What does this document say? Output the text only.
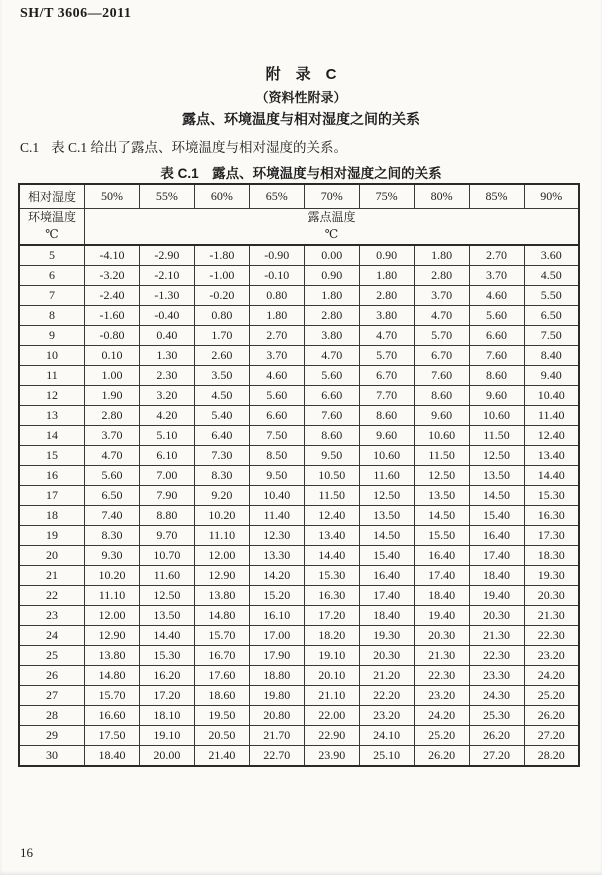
SH/T 3606—2011
附　录　C
（资料性附录）
露点、环境温度与相对湿度之间的关系

C.1 表 C.1 给出了露点、环境温度与相对湿度的关系。

表 C.1　露点、环境温度与相对湿度之间的关系
相对湿度	50%	55%	60%	65%	70%	75%	80%	85%	90%

环境温度
℃

露点温度
℃

5	-4.10	-2.90	-1.80	-0.90	0.00	0.90	1.80	2.70	3.60
6	-3.20	-2.10	-1.00	-0.10	0.90	1.80	2.80	3.70	4.50
7	-2.40	-1.30	-0.20	0.80	1.80	2.80	3.70	4.60	5.50
8	-1.60	-0.40	0.80	1.80	2.80	3.80	4.70	5.60	6.50
9	-0.80	0.40	1.70	2.70	3.80	4.70	5.70	6.60	7.50
10	0.10	1.30	2.60	3.70	4.70	5.70	6.70	7.60	8.40
11	1.00	2.30	3.50	4.60	5.60	6.70	7.60	8.60	9.40
12	1.90	3.20	4.50	5.60	6.60	7.70	8.60	9.60	10.40
13	2.80	4.20	5.40	6.60	7.60	8.60	9.60	10.60	11.40
14	3.70	5.10	6.40	7.50	8.60	9.60	10.60	11.50	12.40
15	4.70	6.10	7.30	8.50	9.50	10.60	11.50	12.50	13.40
16	5.60	7.00	8.30	9.50	10.50	11.60	12.50	13.50	14.40
17	6.50	7.90	9.20	10.40	11.50	12.50	13.50	14.50	15.30
18	7.40	8.80	10.20	11.40	12.40	13.50	14.50	15.40	16.30
19	8.30	9.70	11.10	12.30	13.40	14.50	15.50	16.40	17.30
20	9.30	10.70	12.00	13.30	14.40	15.40	16.40	17.40	18.30
21	10.20	11.60	12.90	14.20	15.30	16.40	17.40	18.40	19.30
22	11.10	12.50	13.80	15.20	16.30	17.40	18.40	19.40	20.30
23	12.00	13.50	14.80	16.10	17.20	18.40	19.40	20.30	21.30
24	12.90	14.40	15.70	17.00	18.20	19.30	20.30	21.30	22.30
25	13.80	15.30	16.70	17.90	19.10	20.30	21.30	22.30	23.20
26	14.80	16.20	17.60	18.80	20.10	21.20	22.30	23.30	24.20
27	15.70	17.20	18.60	19.80	21.10	22.20	23.20	24.30	25.20
28	16.60	18.10	19.50	20.80	22.00	23.20	24.20	25.30	26.20
29	17.50	19.10	20.50	21.70	22.90	24.10	25.20	26.20	27.20
30	18.40	20.00	21.40	22.70	23.90	25.10	26.20	27.20	28.20
16
